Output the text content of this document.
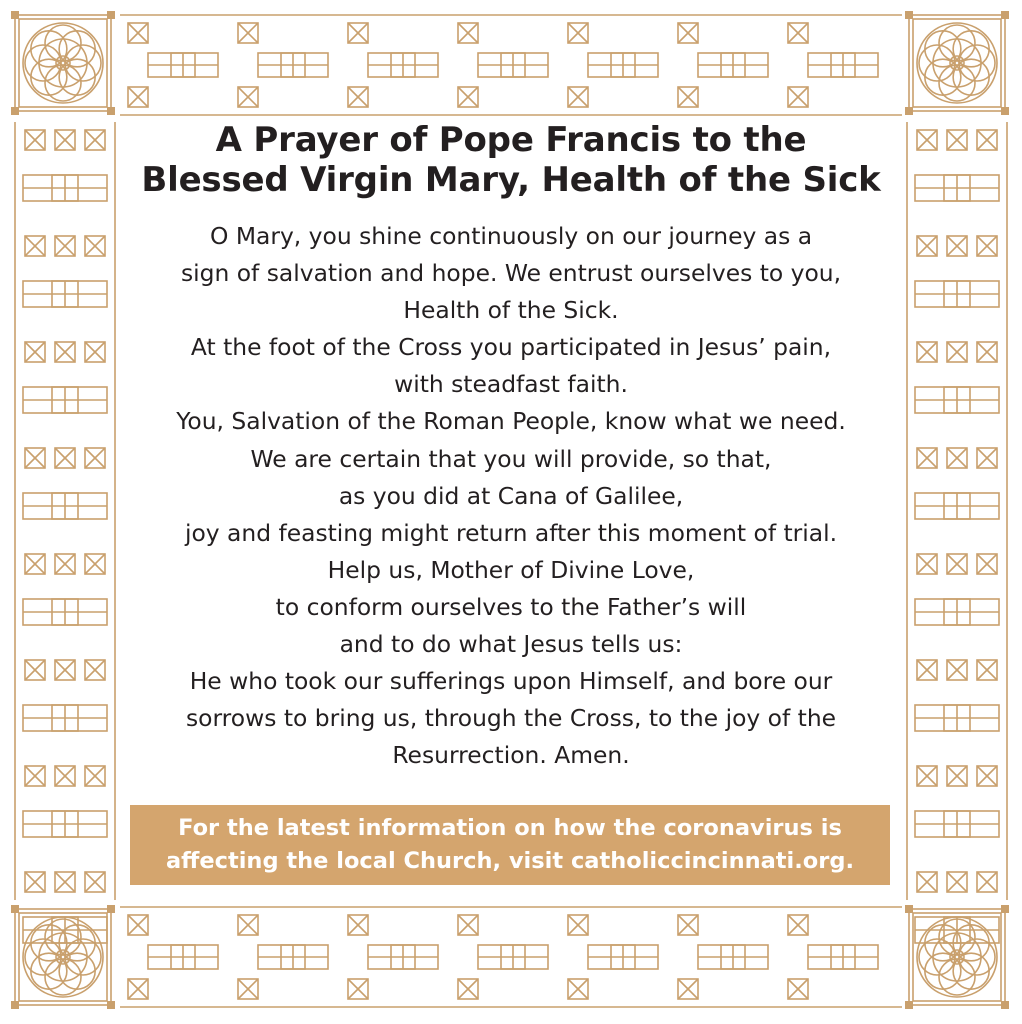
A Prayer of Pope Francis to the
Blessed Virgin Mary, Health of the Sick
O Mary, you shine continuously on our journey as a
sign of salvation and hope. We entrust ourselves to you,
Health of the Sick.
At the foot of the Cross you participated in Jesus’ pain,
with steadfast faith.
You, Salvation of the Roman People, know what we need.
We are certain that you will provide, so that,
as you did at Cana of Galilee,
joy and feasting might return after this moment of trial.
Help us, Mother of Divine Love,
to conform ourselves to the Father’s will
and to do what Jesus tells us:
He who took our sufferings upon Himself, and bore our
sorrows to bring us, through the Cross, to the joy of the
Resurrection. Amen.
For the latest information on how the coronavirus is
affecting the local Church, visit catholiccincinnati.org.
